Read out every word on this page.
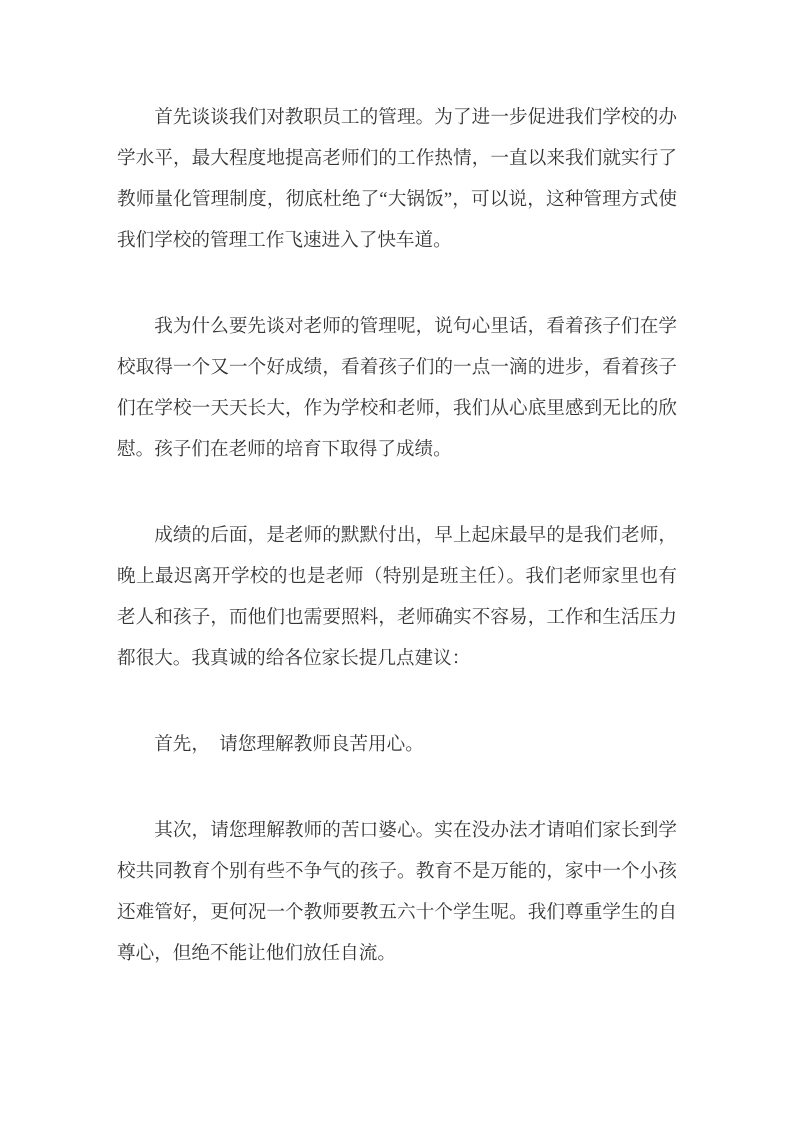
首先谈谈我们对教职员工的管理。为了进一步促进我们学校的办学水平，最大程度地提高老师们的工作热情，一直以来我们就实行了教师量化管理制度，彻底杜绝了“大锅饭”，可以说，这种管理方式使我们学校的管理工作飞速进入了快车道。

我为什么要先谈对老师的管理呢，说句心里话，看着孩子们在学校取得一个又一个好成绩，看着孩子们的一点一滴的进步，看着孩子们在学校一天天长大，作为学校和老师，我们从心底里感到无比的欣慰。孩子们在老师的培育下取得了成绩。

成绩的后面，是老师的默默付出，早上起床最早的是我们老师，晚上最迟离开学校的也是老师（特别是班主任）。我们老师家里也有老人和孩子，而他们也需要照料，老师确实不容易，工作和生活压力都很大。我真诚的给各位家长提几点建议：

首先，　请您理解教师良苦用心。

其次，请您理解教师的苦口婆心。实在没办法才请咱们家长到学校共同教育个别有些不争气的孩子。教育不是万能的，家中一个小孩还难管好，更何况一个教师要教五六十个学生呢。我们尊重学生的自尊心，但绝不能让他们放任自流。
